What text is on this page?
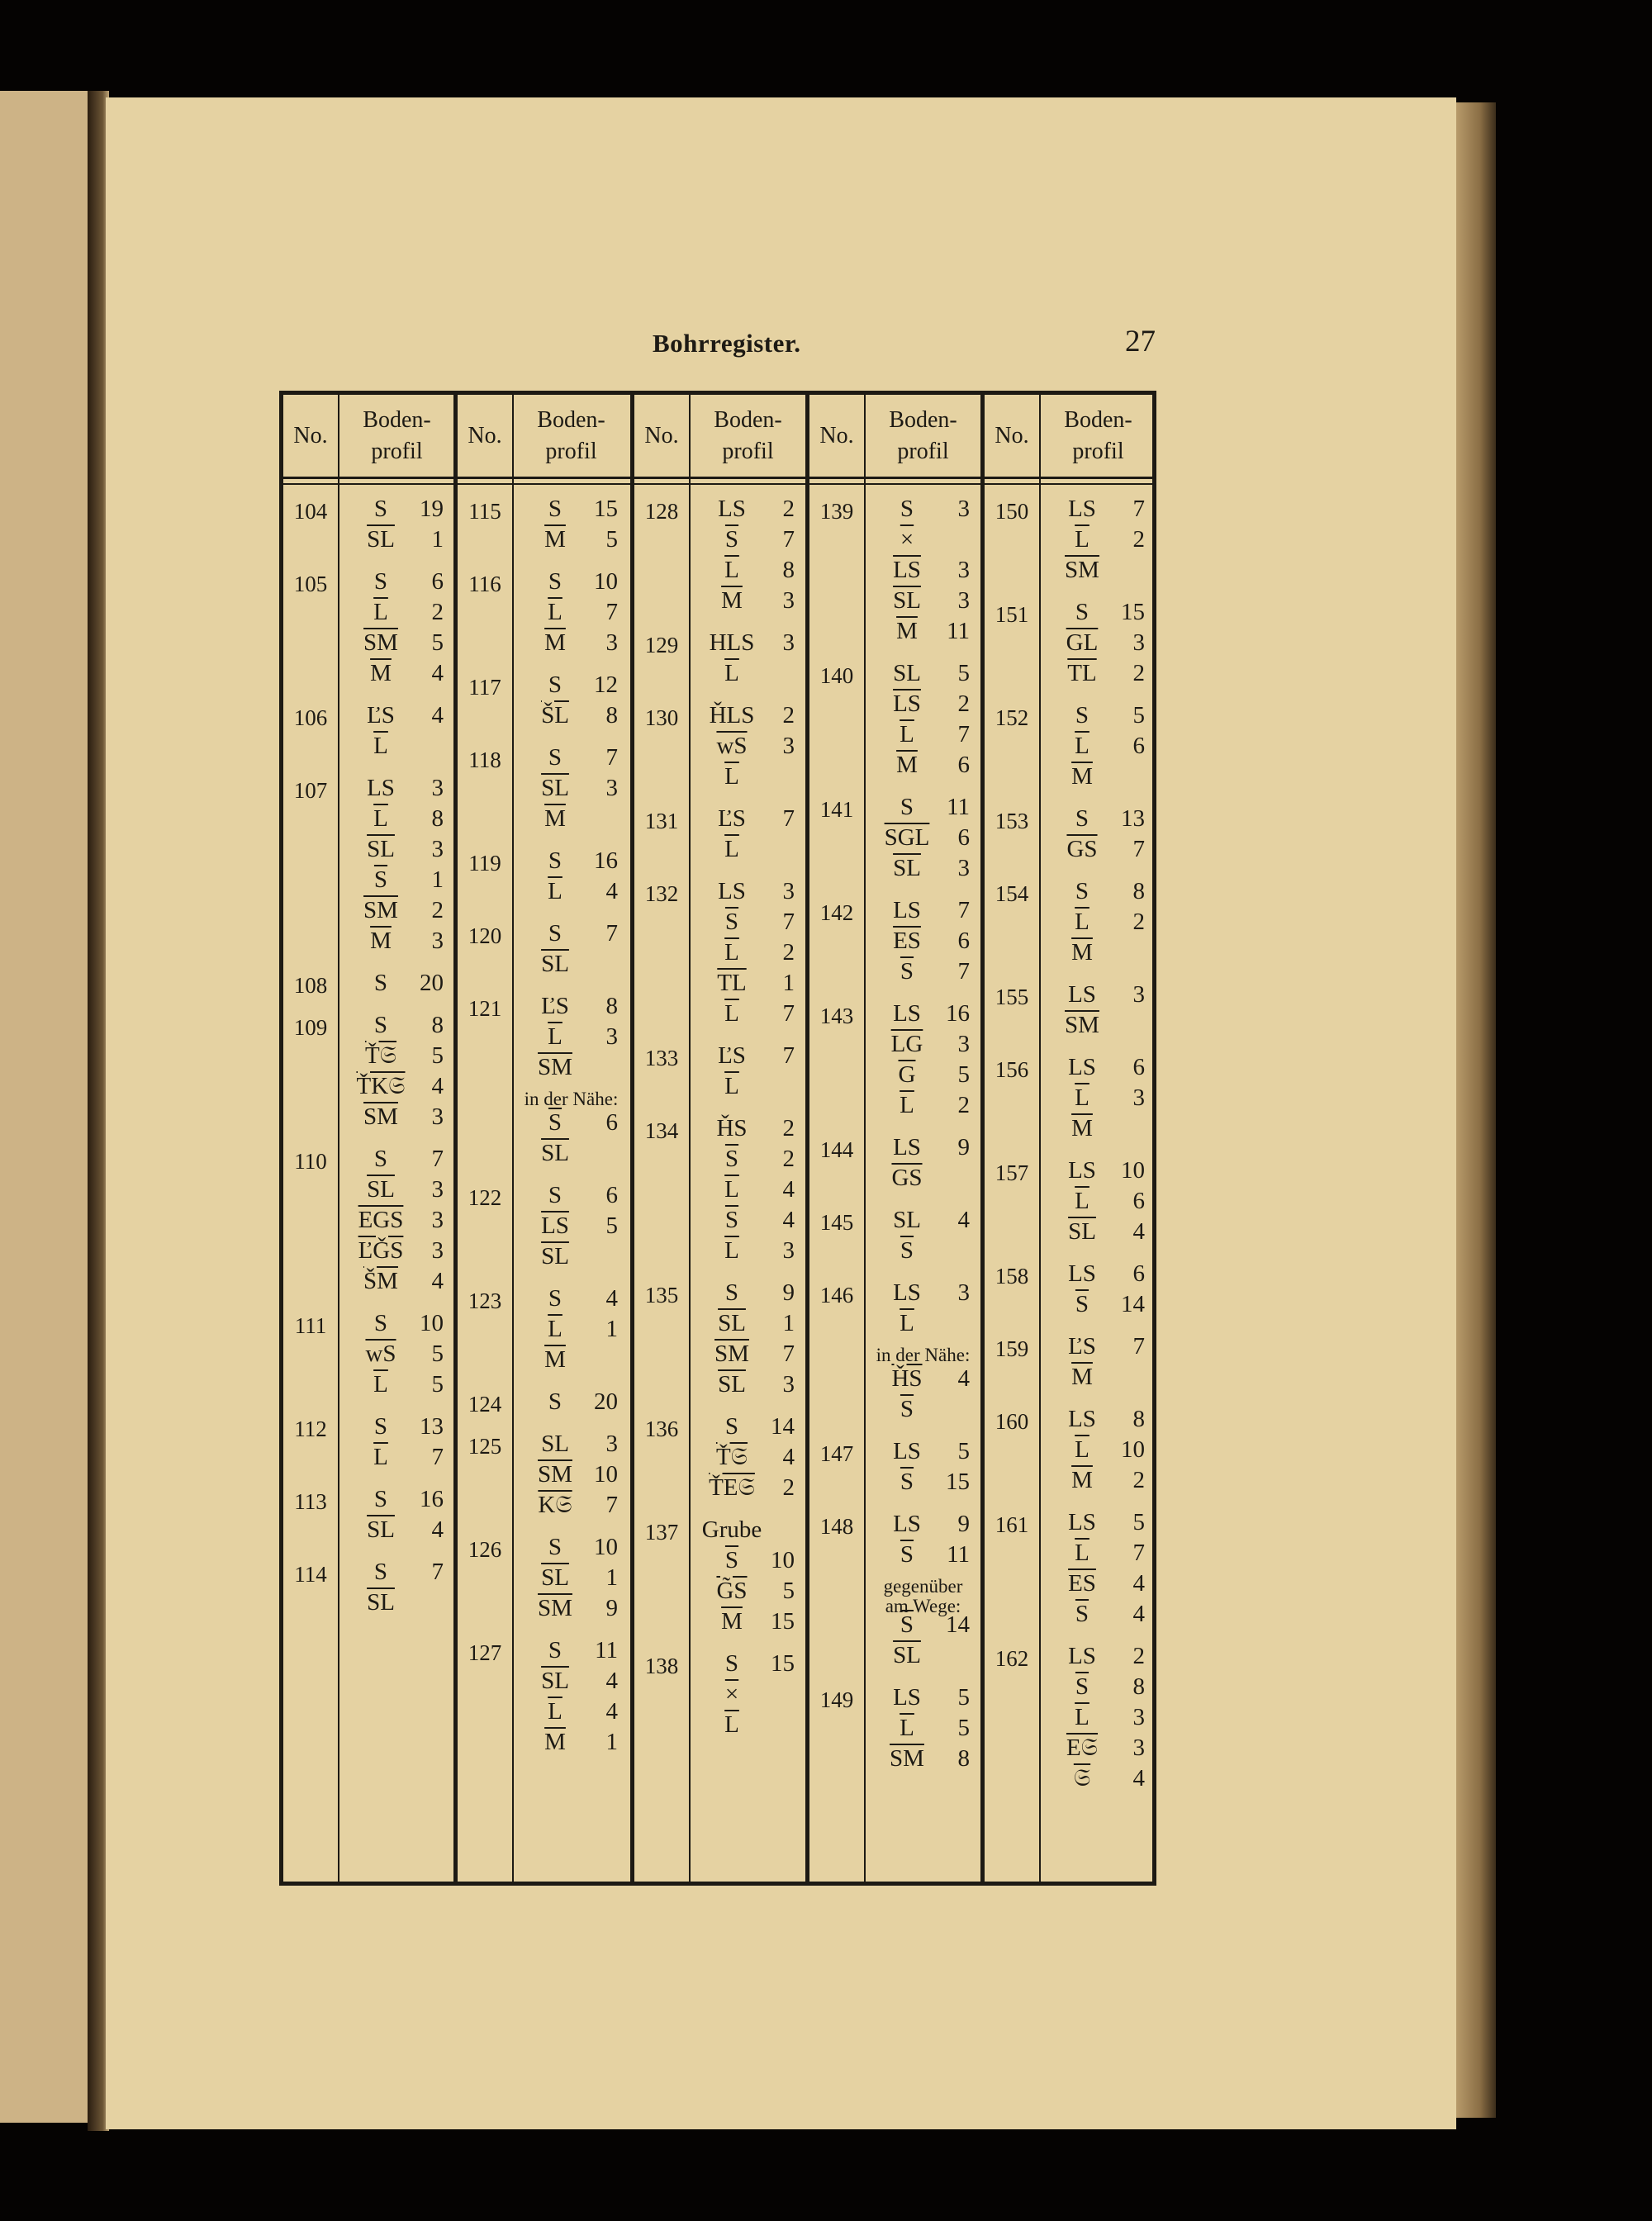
Bohrregister.	27
No.
Boden-
profil
104	S	19
$\overline{SL}$	1
105	S	6
$\overline{L}$	2
$\overline{SM}$	5
$\overline{M}$	4
106	ĽS	4
$\overline{L}$
107	LS	3
$\overline{L}$	8
$\overline{SL}$	3
$\overline{S}$	1
$\overline{SM}$	2
$\overline{M}$	3
108	S	20
109	S	8
Ť𝔖	5
ŤK𝔖	4
$\overline{SM}$	3
110	S	7
$\overline{SL}$	3
$\overline{EGS}$	3
$\overline{ĽǦS}$	3
$\overline{ŠM}$	4
111	S	10
$\overline{wS}$	5
$\overline{L}$	5
112	S	13
$\overline{L}$	7
113	S	16
$\overline{SL}$	4
114	S	7
$\overline{SL}$
No.
Boden-
profil
115	S	15
$\overline{M}$	5
116	S	10
$\overline{L}$	7
$\overline{M}$	3
117	S	12
$\overline{ŠL}$	8
118	S	7
$\overline{SL}$	3
$\overline{M}$
119	S	16
$\overline{L}$	4
120	S	7
$\overline{SL}$
121	ĽS	8
$\overline{L}$	3
$\overline{SM}$
in der Nähe:
$\overline{S}$	6
$\overline{SL}$
122	S	6
$\overline{LS}$	5
$\overline{SL}$
123	S	4
$\overline{L}$	1
$\overline{M}$
124	S	20
125	SL	3
$\overline{SM}$ 10
K𝔖	7
126	S	10
$\overline{SL}$	1
$\overline{SM}$	9
127	S	11
$\overline{SL}$	4
$\overline{L}$	4
$\overline{M}$	1
No.
Boden-
profil
128	LS	2
$\overline{S}$	7
$\overline{L}$	8
$\overline{M}$	3
129	HLS	3
$\overline{L}$
130	ȞLS	2
$\overline{wS}$	3
$\overline{L}$
131	ĽS	7
$\overline{L}$
132	LS	3
$\overline{S}$	7
$\overline{L}$	2
$\overline{TL}$	1
$\overline{L}$	7
133	ĽS	7
$\overline{L}$
134	ȞS	2
$\overline{S}$	2
$\overline{L}$	4
$\overline{S}$	4
$\overline{L}$	3
135	S	9
$\overline{SL}$	1
$\overline{SM}$	7
$\overline{SL}$	3
136	S	14
Ť𝔖	4
ŤE𝔖	2
137 Grube
$\overline{S}$	10
G̃S	5
$\overline{M}$	15
138	S	15
×
$\overline{L}$
No.
Boden-
profil
139	S	3
×
$\overline{LS}$	3
$\overline{SL}$	3
$\overline{M}$	11
140	SL	5
$\overline{LS}$	2
$\overline{L}$	7
$\overline{M}$	6
141	S	11
$\overline{SGL}$	6
$\overline{SL}$	3
142	LS	7
$\overline{ES}$	6
$\overline{S}$	7
143	LS	16
$\overline{LG}$	3
$\overline{G}$	5
$\overline{L}$	2
144	LS	9
$\overline{GS}$
145	SL	4
$\overline{S}$
146	LS	3
$\overline{L}$
in der Nähe:
$\overline{ȞS}$	4
$\overline{S}$
147	LS	5
$\overline{S}$	15
148	LS	9
$\overline{S}$	11
gegenüber
am Wege:
$\overline{S}$	14
$\overline{SL}$
149	LS	5
$\overline{L}$	5
$\overline{SM}$	8
No.
Boden-
profil
150	LS	7
$\overline{L}$	2
$\overline{SM}$
151	S	15
$\overline{GL}$	3
$\overline{TL}$	2
152	S	5
$\overline{L}$	6
$\overline{M}$
153	S	13
$\overline{GS}$	7
154	S	8
$\overline{L}$	2
$\overline{M}$
155	LS	3
$\overline{SM}$
156	LS	6
$\overline{L}$	3
$\overline{M}$
157	LS	10
$\overline{L}$	6
$\overline{SL}$	4
158	LS	6
$\overline{S}$	14
159	ĽS	7
$\overline{M}$
160	LS	8
$\overline{L}$	10
$\overline{M}$	2
161	LS	5
$\overline{L}$	7
$\overline{ES}$	4
$\overline{S}$	4
162	LS	2
$\overline{S}$	8
$\overline{L}$	3
E𝔖	3
𝔖	4
